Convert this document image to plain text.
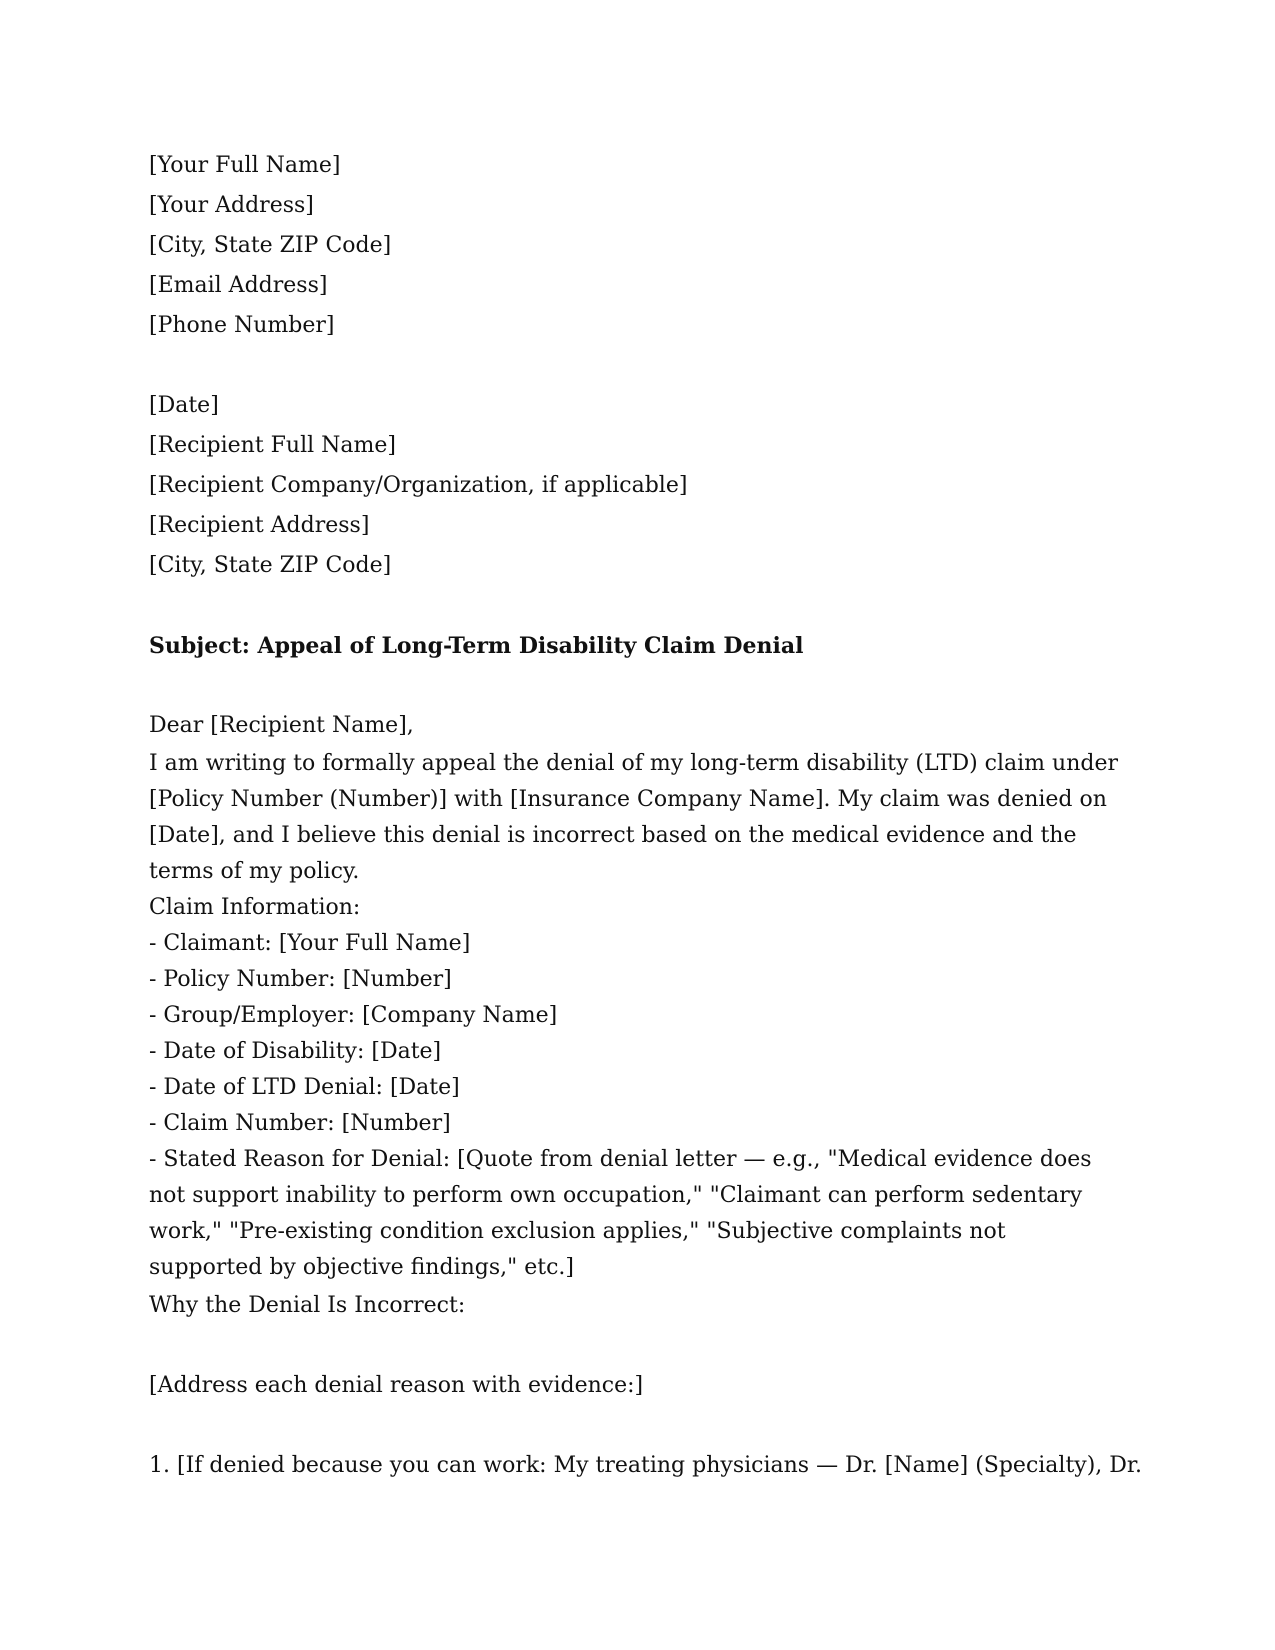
[Your Full Name]
[Your Address]
[City, State ZIP Code]
[Email Address]
[Phone Number]
[Date]
[Recipient Full Name]
[Recipient Company/Organization, if applicable]
[Recipient Address]
[City, State ZIP Code]
Subject: Appeal of Long-Term Disability Claim Denial
Dear [Recipient Name],

I am writing to formally appeal the denial of my long-term disability (LTD) claim under [Policy Number (Number)] with [Insurance Company Name]. My claim was denied on [Date], and I believe this denial is incorrect based on the medical evidence and the terms of my policy.

Claim Information:
- Claimant: [Your Full Name]
- Policy Number: [Number]
- Group/Employer: [Company Name]
- Date of Disability: [Date]
- Date of LTD Denial: [Date]
- Claim Number: [Number]

- Stated Reason for Denial: [Quote from denial letter — e.g., "Medical evidence does not support inability to perform own occupation," "Claimant can perform sedentary work," "Pre-existing condition exclusion applies," "Subjective complaints not supported by objective findings," etc.]

Why the Denial Is Incorrect:
[Address each denial reason with evidence:]
1. [If denied because you can work: My treating physicians — Dr. [Name] (Specialty), Dr.
